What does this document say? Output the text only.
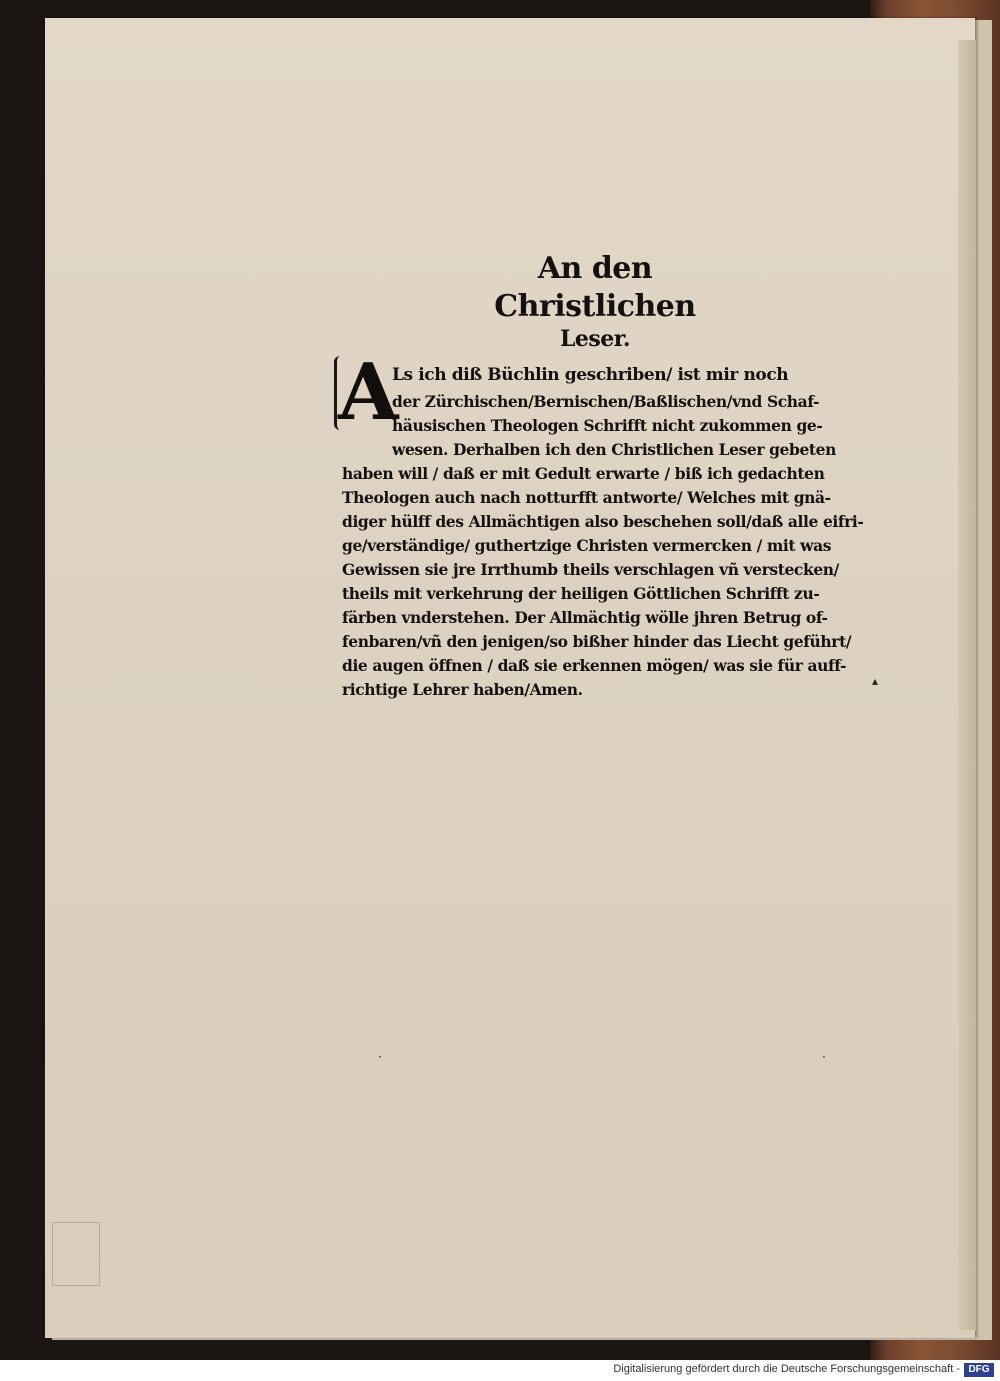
An den Christlichen
Leser.
A
Ls ich diß Büchlin geschriben/ ist mir noch
der Zürchischen/Bernischen/Baßlischen/vnd Schaf-
häusischen Theologen Schrifft nicht zukommen ge-
wesen. Derhalben ich den Christlichen Leser gebeten
haben will / daß er mit Gedult erwarte / biß ich gedachten
Theologen auch nach notturfft antworte/ Welches mit gnä-
diger hülff des Allmächtigen also beschehen soll/daß alle eifri-
ge/verständige/ guthertzige Christen vermercken / mit was
Gewissen sie jre Irrthumb theils verschlagen vñ verstecken/
theils mit verkehrung der heiligen Göttlichen Schrifft zu-
färben vnderstehen. Der Allmächtig wölle jhren Betrug of-
fenbaren/vñ den jenigen/so bißher hinder das Liecht geführt/
die augen öffnen / daß sie erkennen mögen/ was sie für auff-
richtige Lehrer haben/Amen.	▴
·	·
Digitalisierung gefördert durch die Deutsche Forschungsgemeinschaft - DFG
